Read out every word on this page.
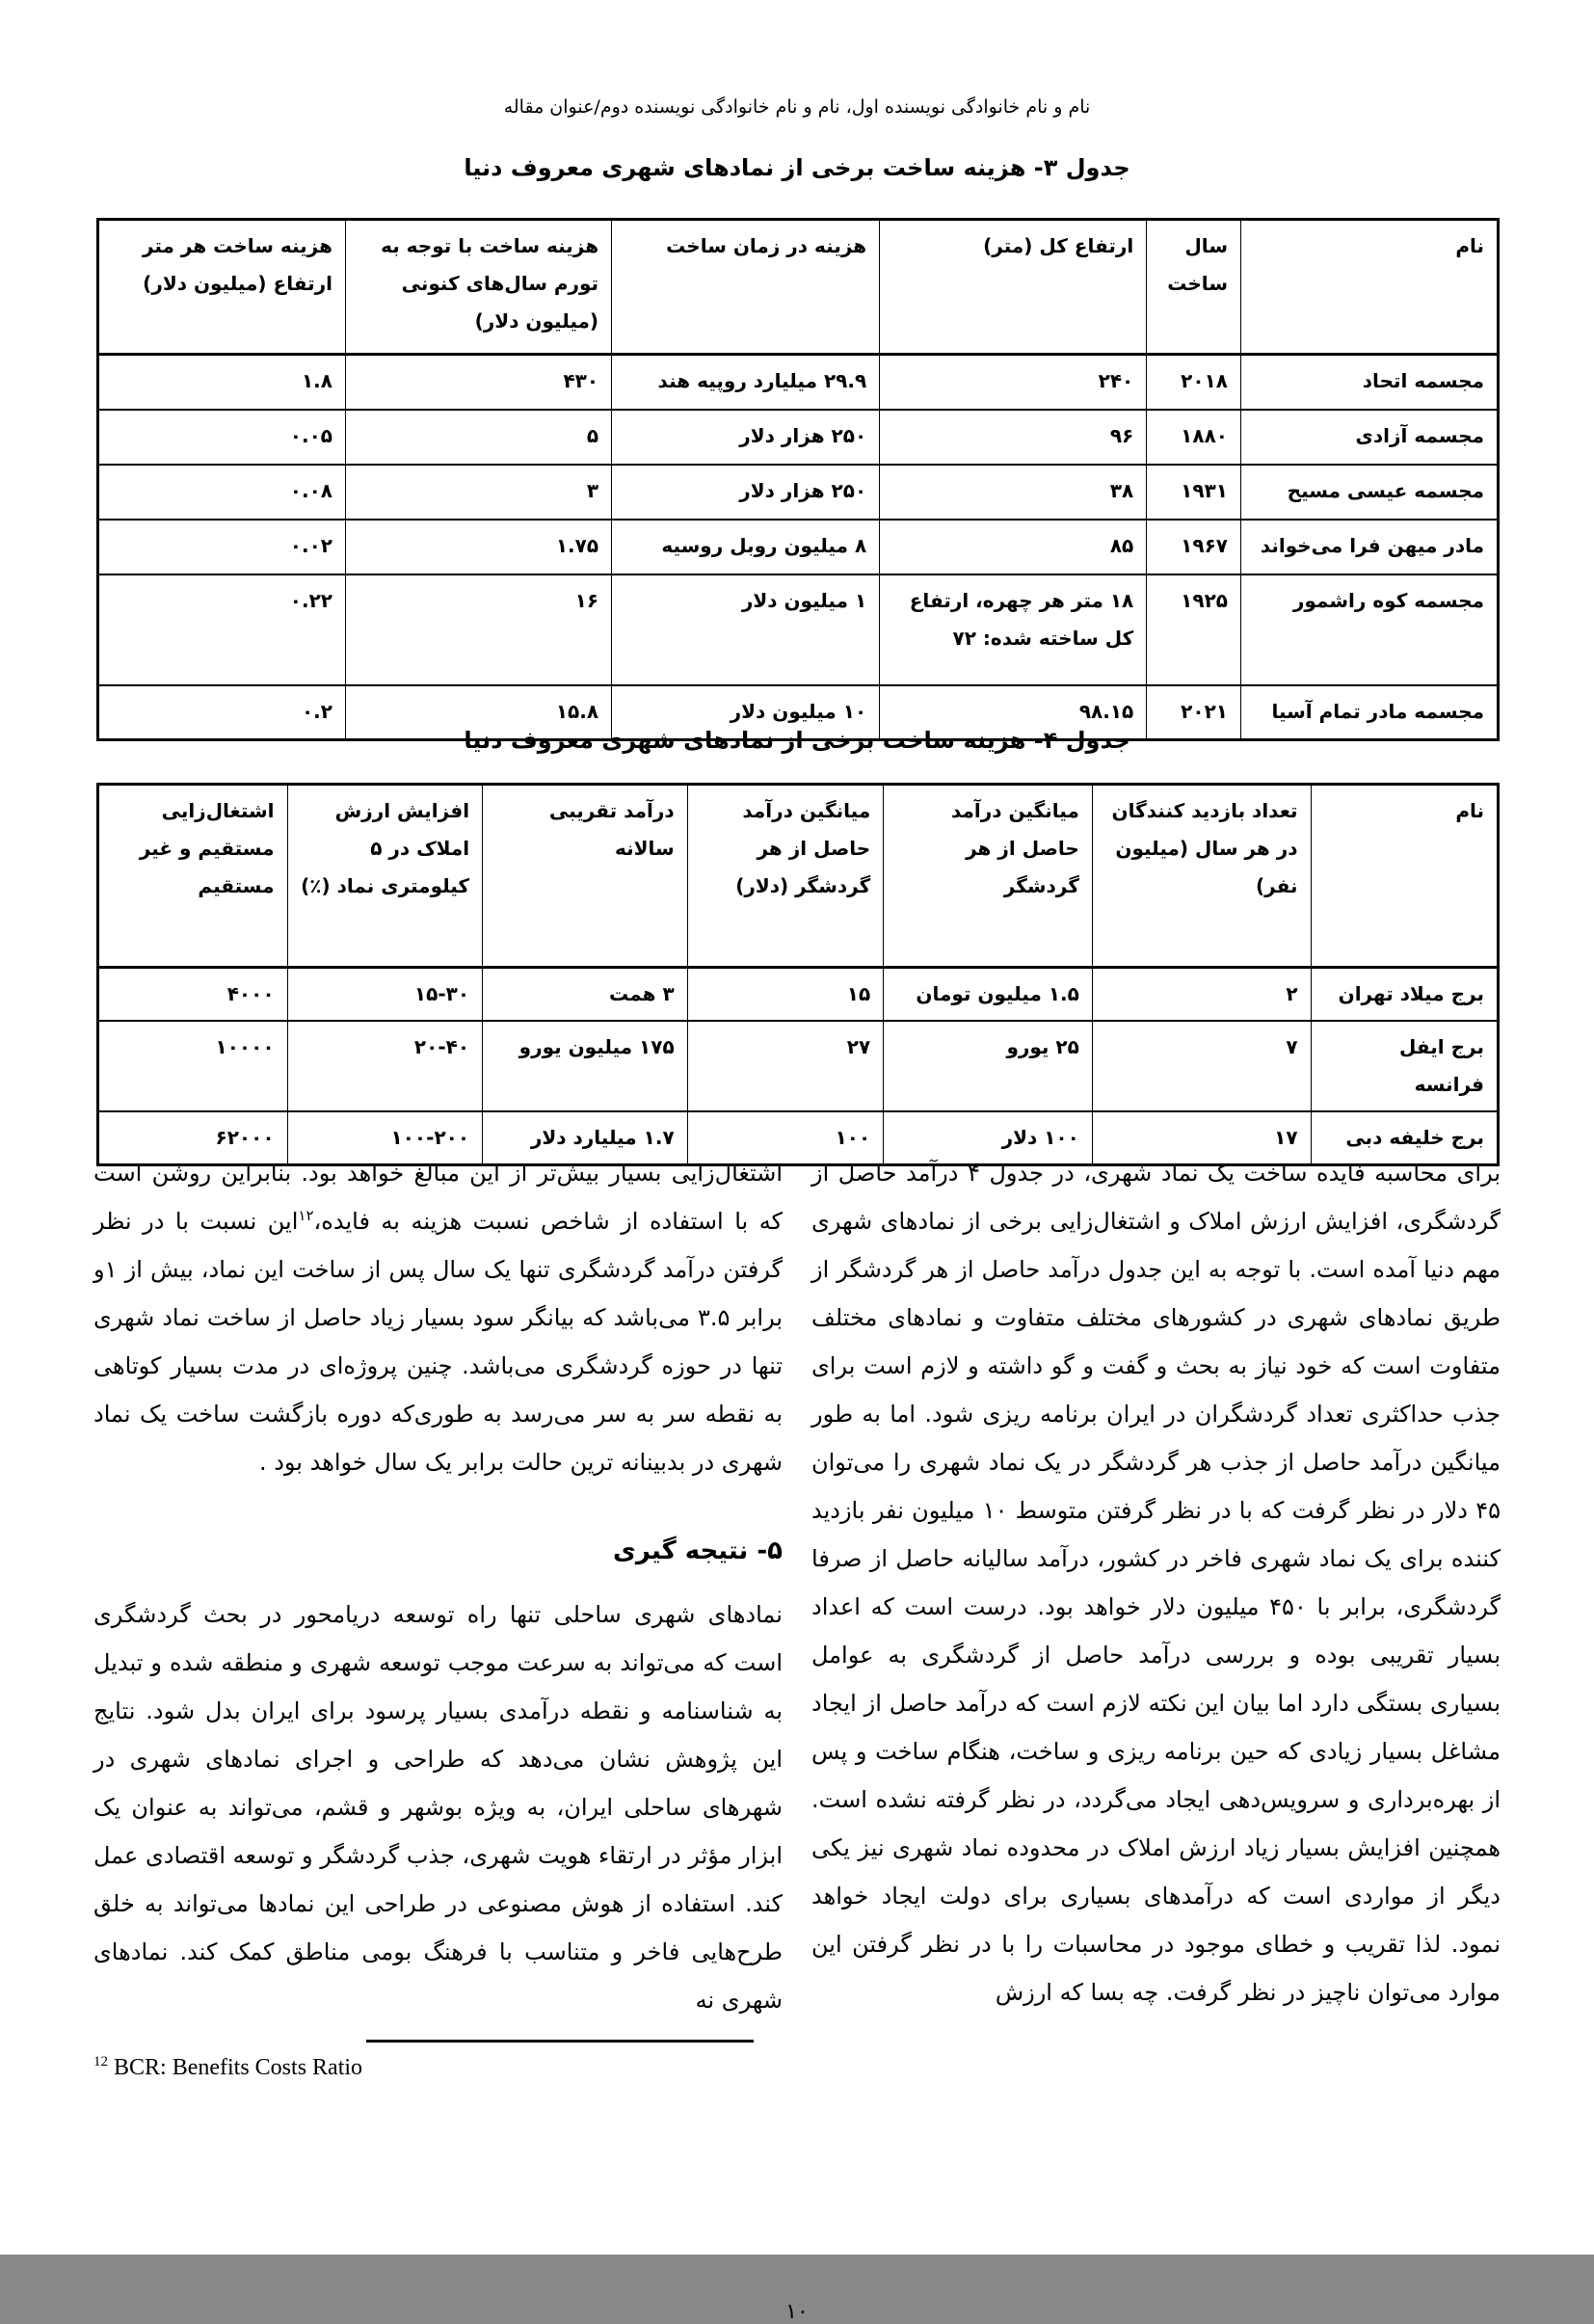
نام و نام خانوادگی نویسنده اول، نام و نام خانوادگی نویسنده دوم/عنوان مقاله
جدول ۳- هزینه ساخت برخی از نمادهای شهری معروف دنیا
نام	سال ساخت	ارتفاع کل (متر)	هزینه در زمان ساخت	هزینه ساخت با توجه به تورم سال‌های کنونی (میلیون دلار)	هزینه ساخت هر متر ارتفاع (میلیون دلار)
مجسمه اتحاد	۲۰۱۸	۲۴۰	۲۹.۹ میلیارد روپیه هند	۴۳۰	۱.۸
مجسمه آزادی	۱۸۸۰	۹۶	۲۵۰ هزار دلار	۵	۰.۰۵
مجسمه عیسی مسیح	۱۹۳۱	۳۸	۲۵۰ هزار دلار	۳	۰.۰۸
مادر میهن فرا می‌خواند	۱۹۶۷	۸۵	۸ میلیون روبل روسیه	۱.۷۵	۰.۰۲
مجسمه کوه راشمور	۱۹۲۵	۱۸ متر هر چهره، ارتفاع کل ساخته شده: ۷۲	۱ میلیون دلار	۱۶	۰.۲۲
مجسمه مادر تمام آسیا	۲۰۲۱	۹۸.۱۵	۱۰ میلیون دلار	۱۵.۸	۰.۲
جدول ۴- هزینه ساخت برخی از نمادهای شهری معروف دنیا
نام	تعداد بازدید کنندگان در هر سال (میلیون نفر)	میانگین درآمد حاصل از هر گردشگر	میانگین درآمد حاصل از هر گردشگر (دلار)	درآمد تقریبی سالانه	افزایش ارزش املاک در ۵ کیلومتری نماد (٪)	اشتغال‌زایی مستقیم و غیر مستقیم
برج میلاد تهران	۲	۱.۵ میلیون تومان	۱۵	۳ همت	۱۵-۳۰	۴۰۰۰
برج ایفل فرانسه	۷	۲۵ یورو	۲۷	۱۷۵ میلیون یورو	۲۰-۴۰	۱۰۰۰۰
برج خلیفه دبی	۱۷	۱۰۰ دلار	۱۰۰	۱.۷ میلیارد دلار	۱۰۰-۲۰۰	۶۲۰۰۰

برای محاسبه فایده ساخت یک نماد شهری، در جدول ۴ درآمد حاصل از گردشگری، افزایش ارزش املاک و اشتغال‌زایی برخی از نمادهای شهری مهم دنیا آمده است. با توجه به این جدول درآمد حاصل از هر گردشگر از طریق نمادهای شهری در کشورهای مختلف متفاوت و نمادهای مختلف متفاوت است که خود نیاز به بحث و گفت و گو داشته و لازم است برای جذب حداکثری تعداد گردشگران در ایران برنامه ریزی شود. اما به طور میانگین درآمد حاصل از جذب هر گردشگر در یک نماد شهری را می‌توان ۴۵ دلار در نظر گرفت که با در نظر گرفتن متوسط ۱۰ میلیون نفر بازدید کننده برای یک نماد شهری فاخر در کشور، درآمد سالیانه حاصل از صرفا گردشگری، برابر با ۴۵۰ میلیون دلار خواهد بود. درست است که اعداد بسیار تقریبی بوده و بررسی درآمد حاصل از گردشگری به عوامل بسیاری بستگی دارد اما بیان این نکته لازم است که درآمد حاصل از ایجاد مشاغل بسیار زیادی که حین برنامه ریزی و ساخت، هنگام ساخت و پس از بهره‌برداری و سرویس‌دهی ایجاد می‌گردد، در نظر گرفته نشده است. همچنین افزایش بسیار زیاد ارزش املاک در محدوده نماد شهری نیز یکی دیگر از مواردی است که درآمدهای بسیاری برای دولت ایجاد خواهد نمود. لذا تقریب و خطای موجود در محاسبات را با در نظر گرفتن این موارد می‌توان ناچیز در نظر گرفت. چه بسا که ارزش

اشتغال‌زایی بسیار بیش‌تر از این مبالغ خواهد بود. بنابراین روشن است که با استفاده از شاخص نسبت هزینه به فایده،$^{۱۲}$این نسبت با در نظر گرفتن درآمد گردشگری تنها یک سال پس از ساخت این نماد، بیش از ۱و برابر ۳.۵ می‌باشد که بیانگر سود بسیار زیاد حاصل از ساخت نماد شهری تنها در حوزه گردشگری می‌باشد. چنین پروژه‌ای در مدت بسیار کوتاهی به نقطه سر به سر می‌رسد به طوری‌که دوره بازگشت ساخت یک نماد شهری در بدبینانه ترین حالت برابر یک سال خواهد بود .

۵- نتیجه گیری

نمادهای شهری ساحلی تنها راه توسعه دریامحور در بحث گردشگری است که می‌تواند به سرعت موجب توسعه شهری و منطقه شده و تبدیل به شناسنامه و نقطه درآمدی بسیار پرسود برای ایران بدل شود. نتایج این پژوهش نشان می‌دهد که طراحی و اجرای نمادهای شهری در شهرهای ساحلی ایران، به ویژه بوشهر و قشم، می‌تواند به عنوان یک ابزار مؤثر در ارتقاء هویت شهری، جذب گردشگر و توسعه اقتصادی عمل کند. استفاده از هوش مصنوعی در طراحی این نمادها می‌تواند به خلق طرح‌هایی فاخر و متناسب با فرهنگ بومی مناطق کمک کند. نمادهای شهری نه

$^{12}$ BCR: Benefits Costs Ratio
۱۰
